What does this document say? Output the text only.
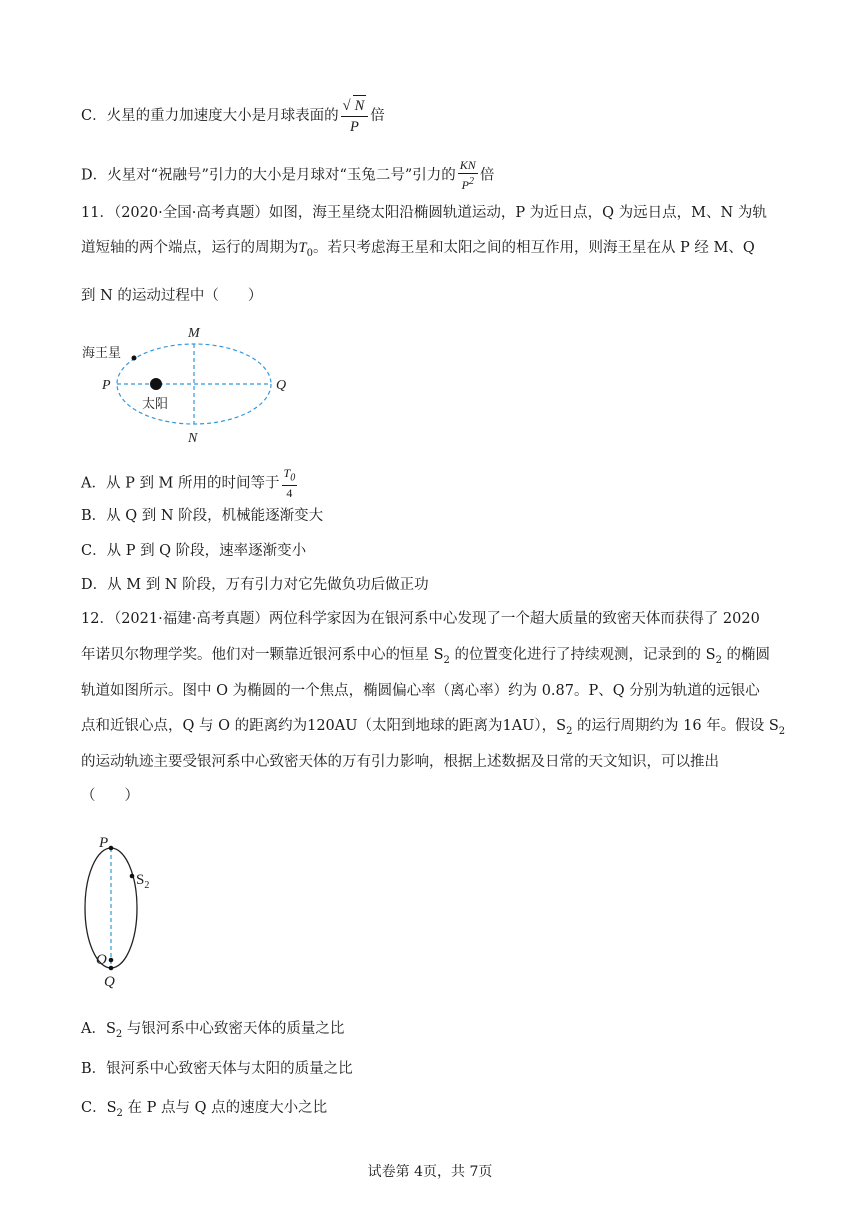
C．火星的重力加速度大小是月球表面的 $\frac{√ N}{P}$ 倍
D．火星对“祝融号”引力的大小是月球对“玉兔二号”引力的 $\frac{KN}{P^2}$ 倍
11．（2020·全国·高考真题）如图，海王星绕太阳沿椭圆轨道运动，P 为近日点，Q 为远日点，M、N 为轨
道短轴的两个端点，运行的周期为$T_0$。若只考虑海王星和太阳之间的相互作用，则海王星在从 P 经 M、Q
到 N 的运动过程中（　　）
海王星
太阳
P	Q
M
N
A．从 P 到 M 所用的时间等于 $\frac{T_0}{4}$
B．从 Q 到 N 阶段，机械能逐渐变大
C．从 P 到 Q 阶段，速率逐渐变小
D．从 M 到 N 阶段，万有引力对它先做负功后做正功
12．（2021·福建·高考真题）两位科学家因为在银河系中心发现了一个超大质量的致密天体而获得了 2020
年诺贝尔物理学奖。他们对一颗靠近银河系中心的恒星 $S_2$ 的位置变化进行了持续观测，记录到的 $S_2$ 的椭圆
轨道如图所示。图中 O 为椭圆的一个焦点，椭圆偏心率（离心率）约为 0.87。P、Q 分别为轨道的远银心
点和近银心点，Q 与 O 的距离约为120AU（太阳到地球的距离为1AU），$S_2$ 的运行周期约为 16 年。假设 $S_2$
的运动轨迹主要受银河系中心致密天体的万有引力影响，根据上述数据及日常的天文知识，可以推出
（　　）
P
$S_2$
O
Q
A．$S_2$ 与银河系中心致密天体的质量之比
B．银河系中心致密天体与太阳的质量之比
C．$S_2$ 在 P 点与 Q 点的速度大小之比
试卷第 4页，共 7页
